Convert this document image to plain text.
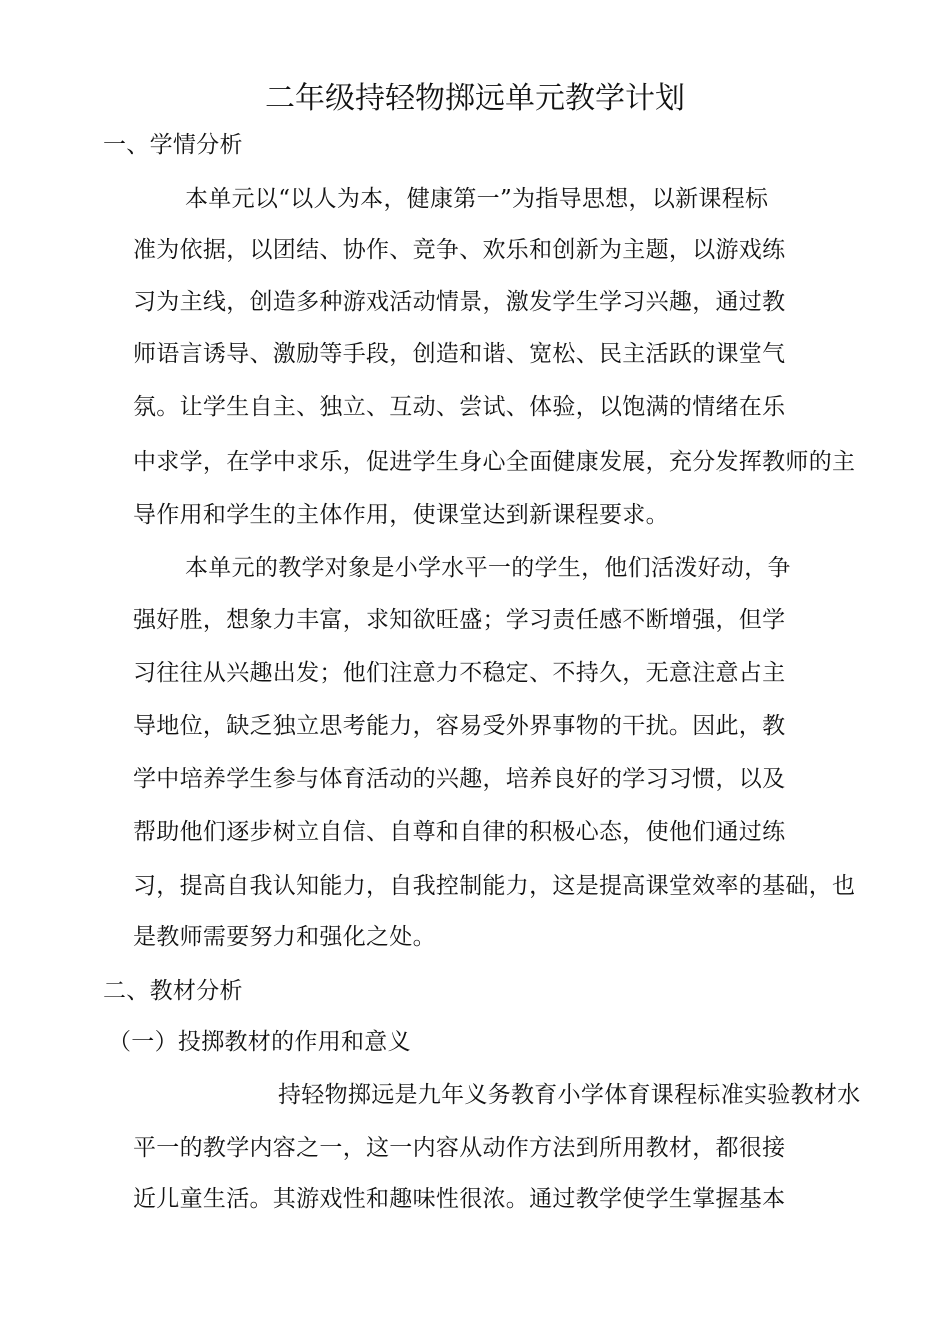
二年级持轻物掷远单元教学计划
一、学情分析
本单元以“以人为本，健康第一”为指导思想，以新课程标
准为依据，以团结、协作、竞争、欢乐和创新为主题，以游戏练
习为主线，创造多种游戏活动情景，激发学生学习兴趣，通过教
师语言诱导、激励等手段，创造和谐、宽松、民主活跃的课堂气
氛。让学生自主、独立、互动、尝试、体验，以饱满的情绪在乐
中求学，在学中求乐，促进学生身心全面健康发展，充分发挥教师的主
导作用和学生的主体作用，使课堂达到新课程要求。
本单元的教学对象是小学水平一的学生，他们活泼好动，争
强好胜，想象力丰富，求知欲旺盛；学习责任感不断增强，但学
习往往从兴趣出发；他们注意力不稳定、不持久，无意注意占主
导地位，缺乏独立思考能力，容易受外界事物的干扰。因此，教
学中培养学生参与体育活动的兴趣，培养良好的学习习惯，以及
帮助他们逐步树立自信、自尊和自律的积极心态，使他们通过练
习，提高自我认知能力，自我控制能力，这是提高课堂效率的基础，也
是教师需要努力和强化之处。
二、教材分析
（一）投掷教材的作用和意义
持轻物掷远是九年义务教育小学体育课程标准实验教材水
平一的教学内容之一，这一内容从动作方法到所用教材，都很接
近儿童生活。其游戏性和趣味性很浓。通过教学使学生掌握基本
